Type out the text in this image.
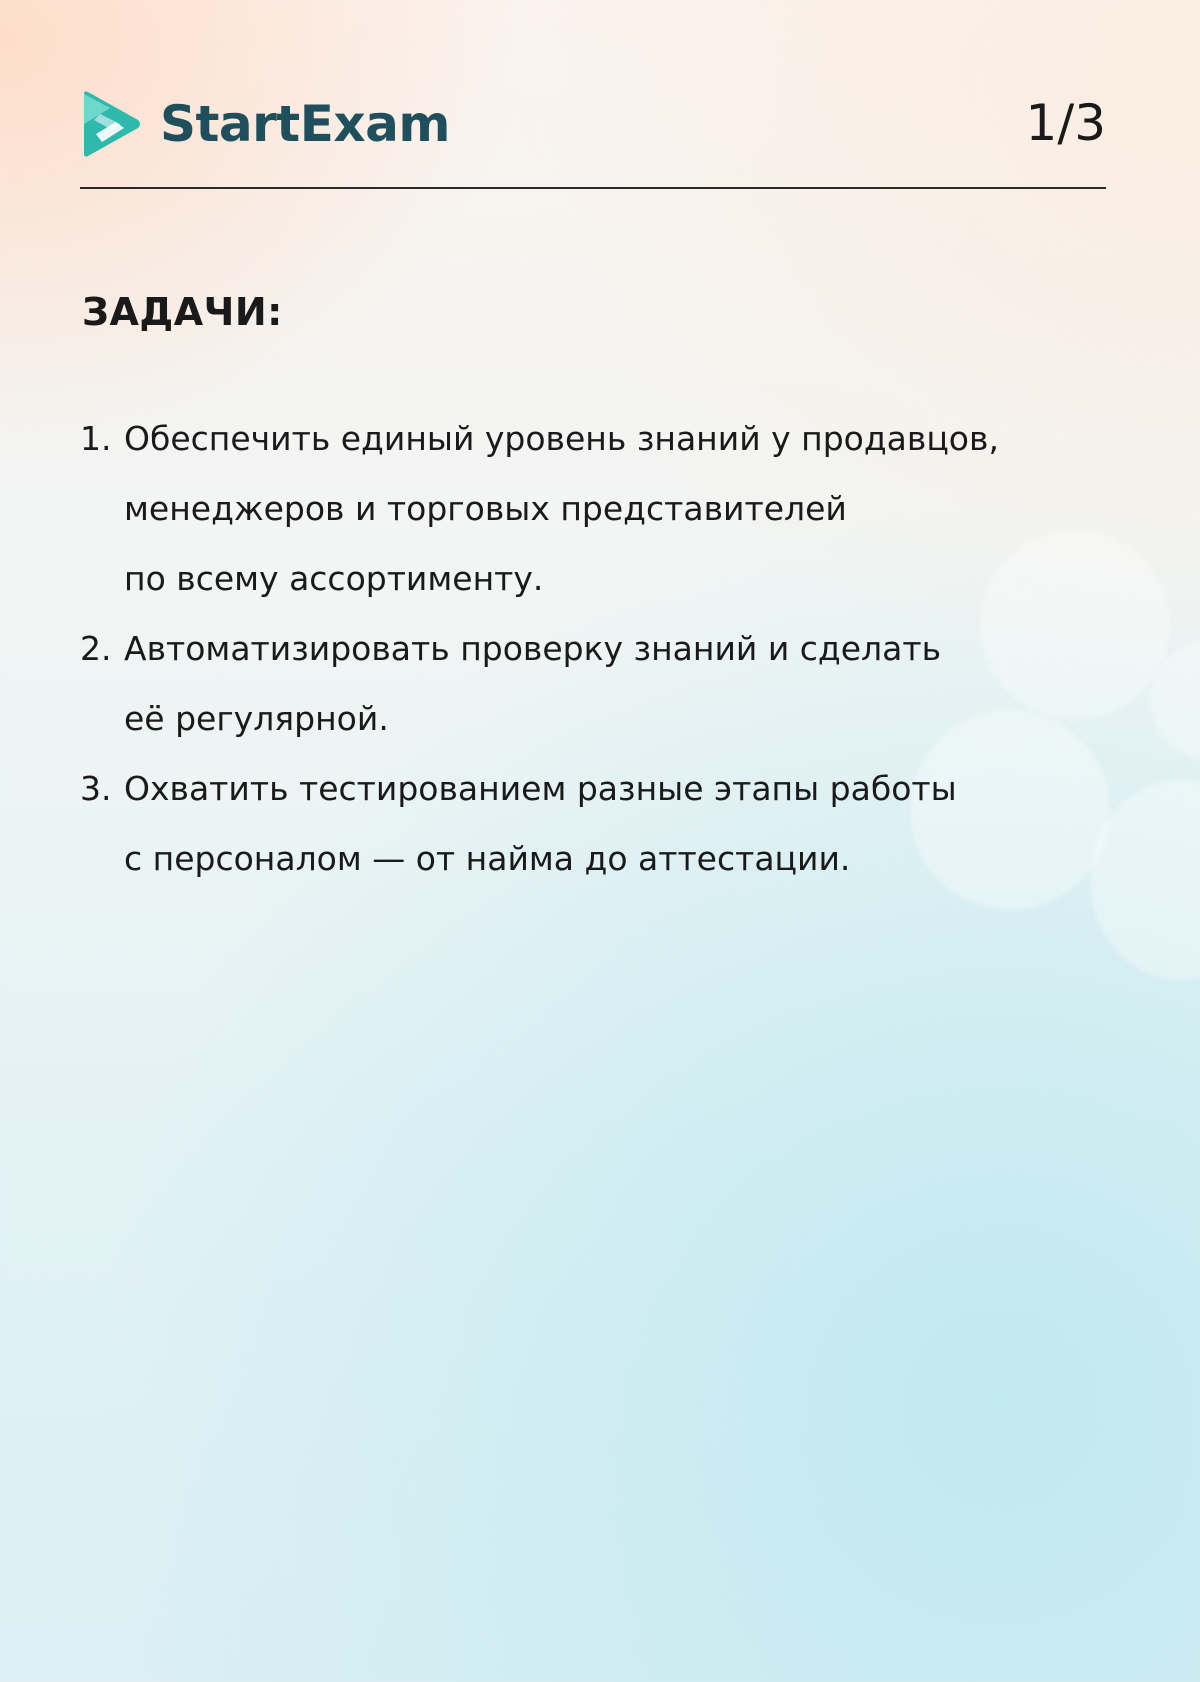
StartExam	1/3
ЗАДАЧИ:
1. Обеспечить единый уровень знаний у продавцов,
менеджеров и торговых представителей
по всему ассортименту.
2. Автоматизировать проверку знаний и сделать
её регулярной.
3. Охватить тестированием разные этапы работы
с персоналом — от найма до аттестации.
